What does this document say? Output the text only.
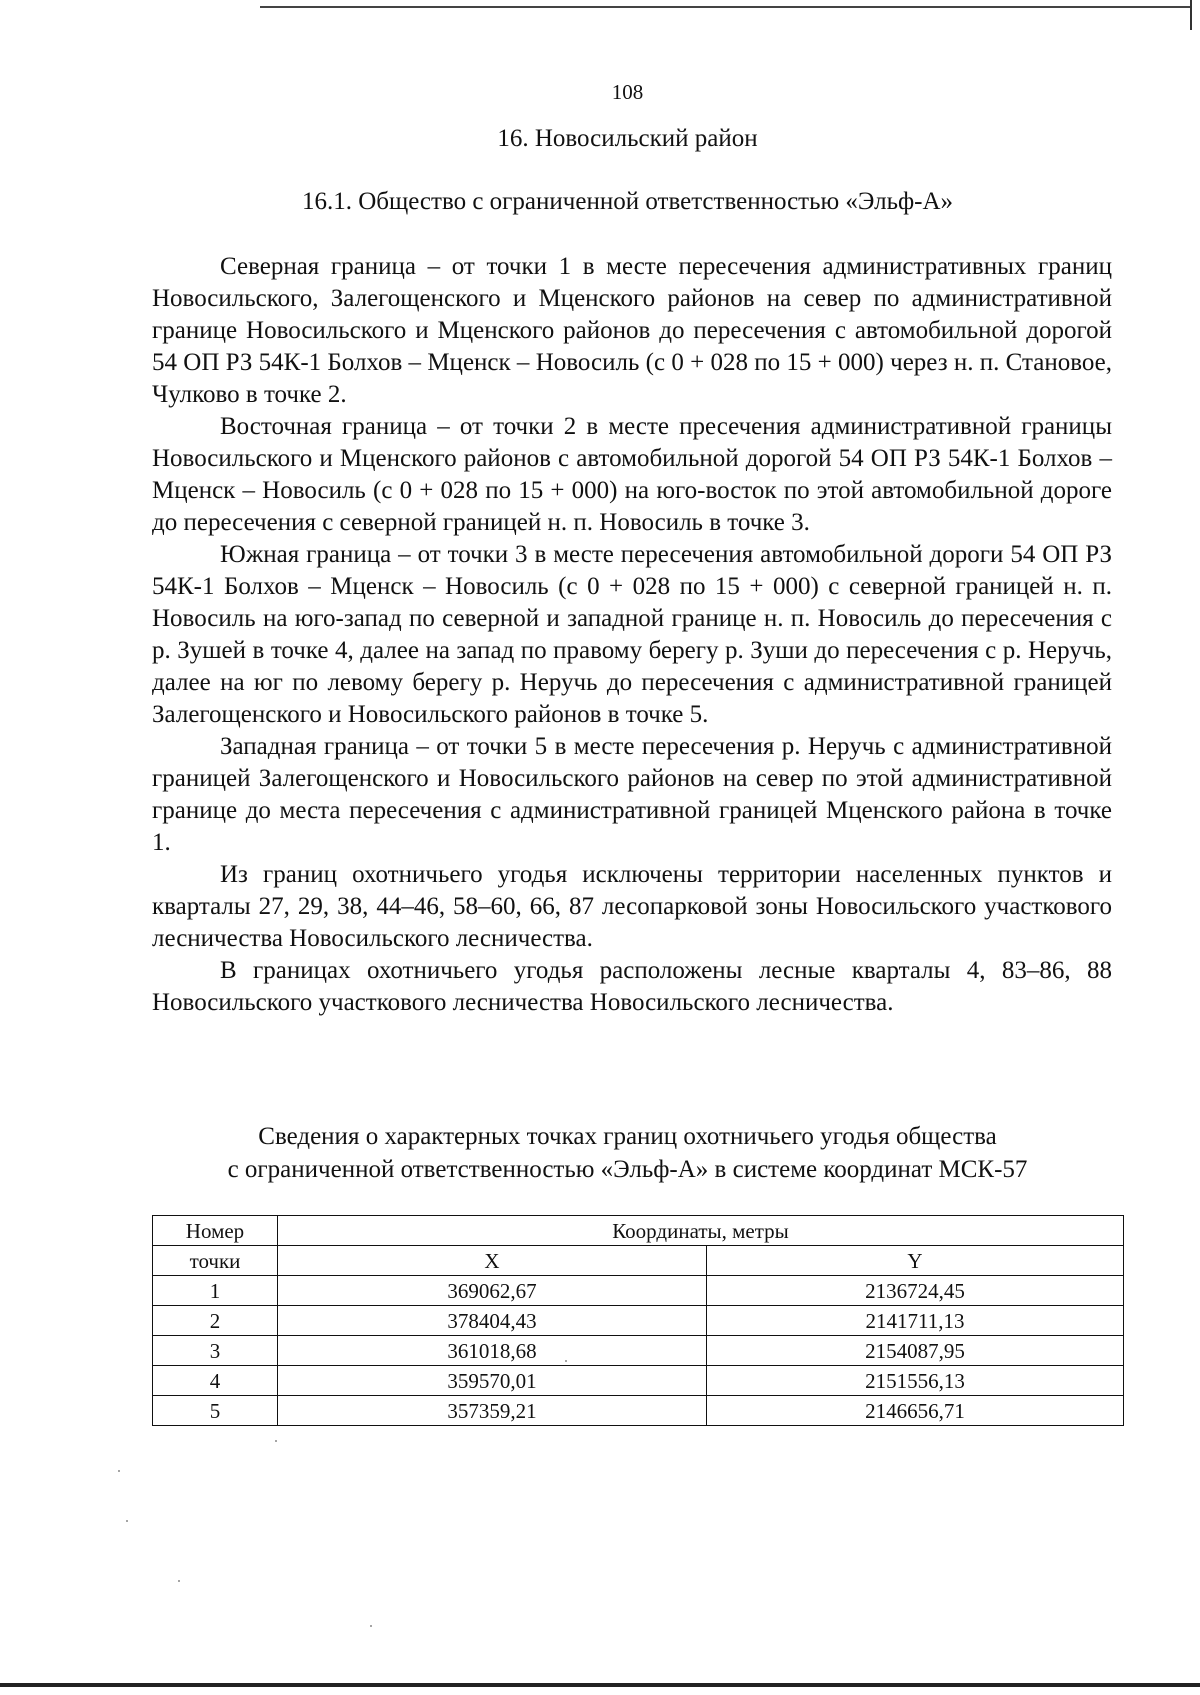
108
16. Новосильский район
16.1. Общество с ограниченной ответственностью «Эльф-А»

Северная граница – от точки 1 в месте пересечения административных границ Новосильского, Залегощенского и Мценского районов на север по административной границе Новосильского и Мценского районов до пересечения с автомобильной дорогой 54 ОП РЗ 54К-1 Болхов – Мценск – Новосиль (с 0 + 028 по 15 + 000) через н. п. Становое, Чулково в точке 2.

Восточная граница – от точки 2 в месте пресечения административной границы Новосильского и Мценского районов с автомобильной дорогой 54 ОП РЗ 54К-1 Болхов – Мценск – Новосиль (с 0 + 028 по 15 + 000) на юго-восток по этой автомобильной дороге до пересечения с северной границей н. п. Новосиль в точке 3.

Южная граница – от точки 3 в месте пересечения автомобильной дороги 54 ОП РЗ 54К-1 Болхов – Мценск – Новосиль (с 0 + 028 по 15 + 000) с северной границей н. п. Новосиль на юго-запад по северной и западной границе н. п. Новосиль до пересечения с р. Зушей в точке 4, далее на запад по правому берегу р. Зуши до пересечения с р. Неручь, далее на юг по левому берегу р. Неручь до пересечения с административной границей Залегощенского и Новосильского районов в точке 5.

Западная граница – от точки 5 в месте пересечения р. Неручь с административной границей Залегощенского и Новосильского районов на север по этой административной границе до места пересечения с административной границей Мценского района в точке 1.

Из границ охотничьего угодья исключены территории населенных пунктов и кварталы 27, 29, 38, 44–46, 58–60, 66, 87 лесопарковой зоны Новосильского участкового лесничества Новосильского лесничества.

В границах охотничьего угодья расположены лесные кварталы 4, 83–86, 88 Новосильского участкового лесничества Новосильского лесничества.

Сведения о характерных точках границ охотничьего угодья общества
с ограниченной ответственностью «Эльф-А» в системе координат МСК-57
Номер	Координаты, метры	
точки	X	Y
1	369062,67	2136724,45
2	378404,43	2141711,13
3	361018,68	2154087,95
4	359570,01	2151556,13
5	357359,21	2146656,71
